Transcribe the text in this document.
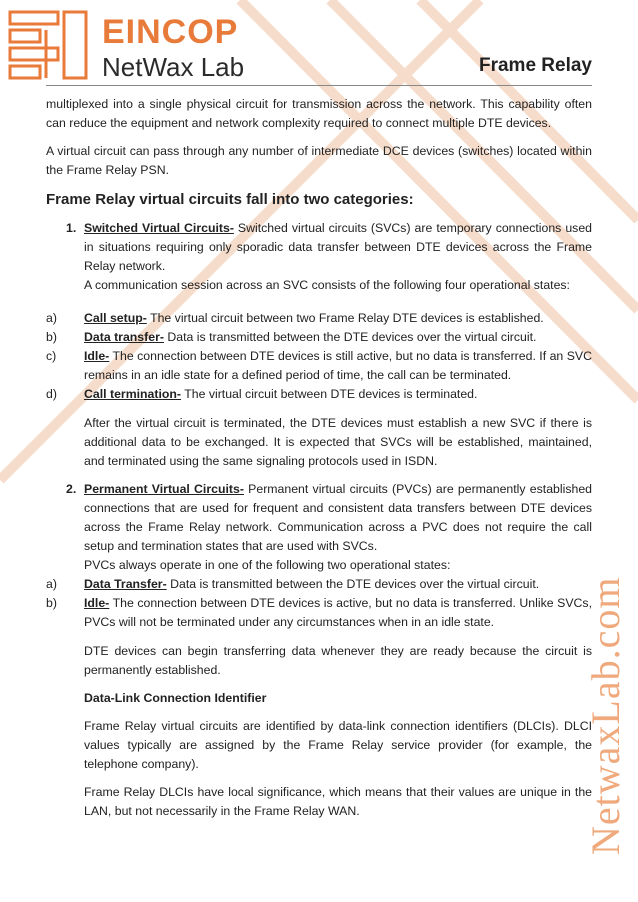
EINCOP
NetWax Lab	Frame Relay

multiplexed into a single physical circuit for transmission across the network. This capability often can reduce the equipment and network complexity required to connect multiple DTE devices.

A virtual circuit can pass through any number of intermediate DCE devices (switches) located within the Frame Relay PSN.

Frame Relay virtual circuits fall into two categories:
1. Switched Virtual Circuits- Switched virtual circuits (SVCs) are temporary connections used in situations requiring only sporadic data transfer between DTE devices across the Frame Relay network.

A communication session across an SVC consists of the following four operational states:

a) Call setup- The virtual circuit between two Frame Relay DTE devices is established.
b) Data transfer- Data is transmitted between the DTE devices over the virtual circuit.
c) Idle- The connection between DTE devices is still active, but no data is transferred. If an SVC remains in an idle state for a defined period of time, the call can be terminated.
d) Call termination- The virtual circuit between DTE devices is terminated.

After the virtual circuit is terminated, the DTE devices must establish a new SVC if there is additional data to be exchanged. It is expected that SVCs will be established, maintained, and terminated using the same signaling protocols used in ISDN.

2. Permanent Virtual Circuits- Permanent virtual circuits (PVCs) are permanently established connections that are used for frequent and consistent data transfers between DTE devices across the Frame Relay network. Communication across a PVC does not require the call setup and termination states that are used with SVCs.

PVCs always operate in one of the following two operational states:

a) Data Transfer- Data is transmitted between the DTE devices over the virtual circuit.
b) Idle- The connection between DTE devices is active, but no data is transferred. Unlike SVCs, PVCs will not be terminated under any circumstances when in an idle state.

DTE devices can begin transferring data whenever they are ready because the circuit is permanently established.

Data-Link Connection Identifier

Frame Relay virtual circuits are identified by data-link connection identifiers (DLCIs). DLCI values typically are assigned by the Frame Relay service provider (for example, the telephone company).

Frame Relay DLCIs have local significance, which means that their values are unique in the LAN, but not necessarily in the Frame Relay WAN.	NetwaxLab.com
